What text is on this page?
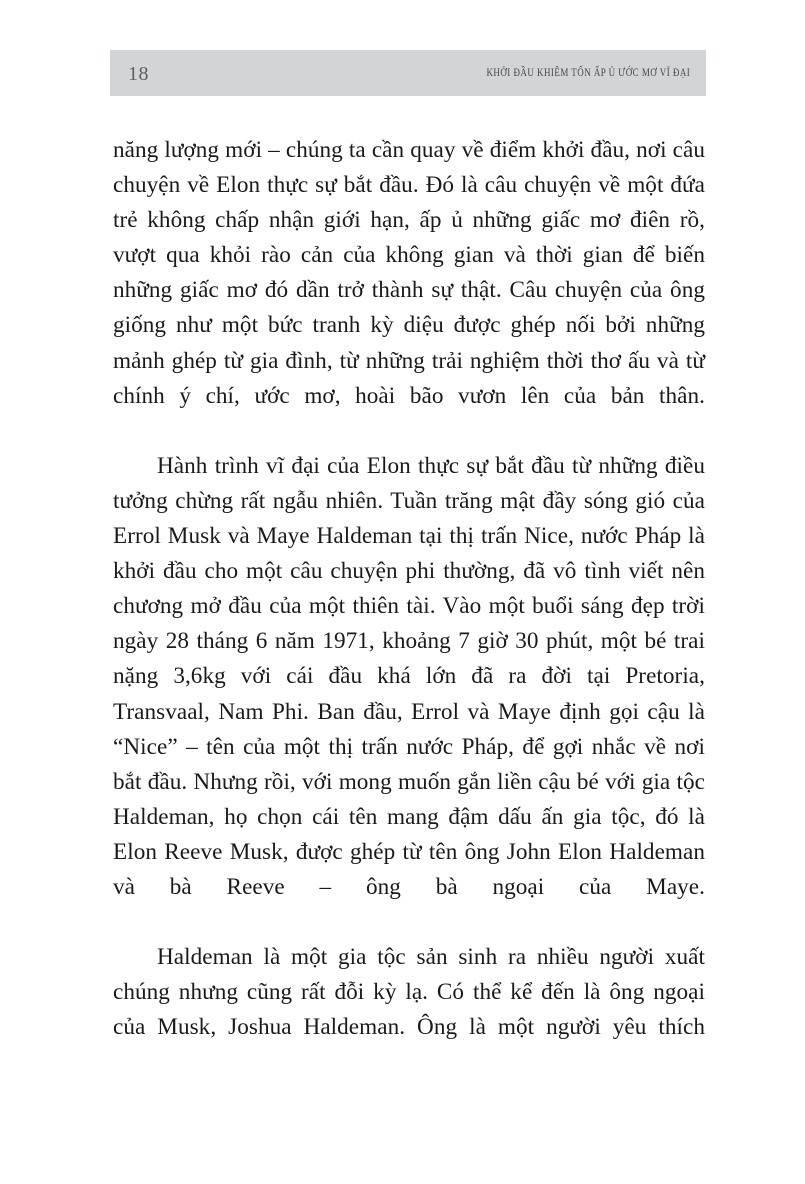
18	KHỞI ĐẦU KHIÊM TỐN ẤP Ủ ƯỚC MƠ VĨ ĐẠI

năng lượng mới – chúng ta cần quay về điểm khởi đầu, nơi câu chuyện về Elon thực sự bắt đầu. Đó là câu chuyện về một đứa trẻ không chấp nhận giới hạn, ấp ủ những giấc mơ điên rồ, vượt qua khỏi rào cản của không gian và thời gian để biến những giấc mơ đó dần trở thành sự thật. Câu chuyện của ông giống như một bức tranh kỳ diệu được ghép nối bởi những mảnh ghép từ gia đình, từ những trải nghiệm thời thơ ấu và từ chính ý chí, ước mơ, hoài bão vươn lên của bản thân.

Hành trình vĩ đại của Elon thực sự bắt đầu từ những điều tưởng chừng rất ngẫu nhiên. Tuần trăng mật đầy sóng gió của Errol Musk và Maye Haldeman tại thị trấn Nice, nước Pháp là khởi đầu cho một câu chuyện phi thường, đã vô tình viết nên chương mở đầu của một thiên tài. Vào một buổi sáng đẹp trời ngày 28 tháng 6 năm 1971, khoảng 7 giờ 30 phút, một bé trai nặng 3,6kg với cái đầu khá lớn đã ra đời tại Pretoria, Transvaal, Nam Phi. Ban đầu, Errol và Maye định gọi cậu là “Nice” – tên của một thị trấn nước Pháp, để gợi nhắc về nơi bắt đầu. Nhưng rồi, với mong muốn gắn liền cậu bé với gia tộc Haldeman, họ chọn cái tên mang đậm dấu ấn gia tộc, đó là Elon Reeve Musk, được ghép từ tên ông John Elon Haldeman và bà Reeve – ông bà ngoại của Maye.

Haldeman là một gia tộc sản sinh ra nhiều người xuất chúng nhưng cũng rất đỗi kỳ lạ. Có thể kể đến là ông ngoại của Musk, Joshua Haldeman. Ông là một người yêu thích
